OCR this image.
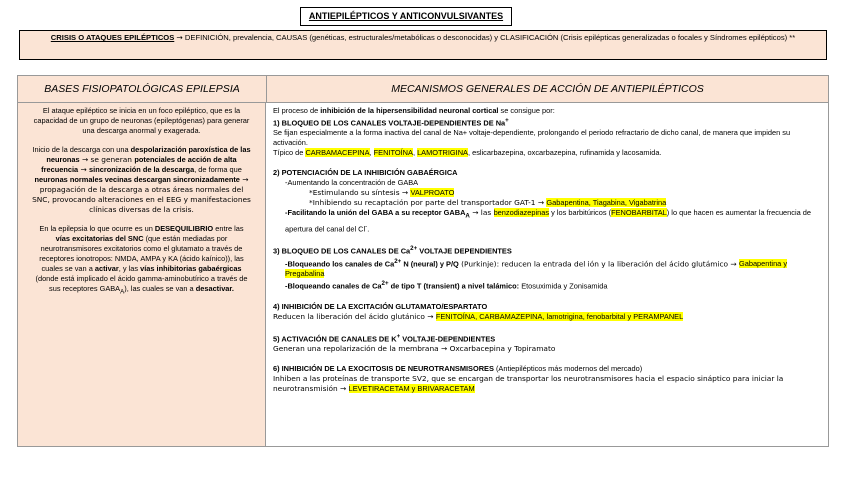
ANTIEPILÉPTICOS Y ANTICONVULSIVANTES
CRISIS O ATAQUES EPILÉPTICOS → DEFINICIÓN, prevalencia, CAUSAS (genéticas, estructurales/metabólicas o desconocidas) y CLASIFICACIÓN (Crisis epilépticas generalizadas o focales y Síndromes epilépticos) **
BASES FISIOPATOLÓGICAS EPILEPSIA	MECANISMOS GENERALES DE ACCIÓN DE ANTIEPILÉPTICOS

El ataque epiléptico se inicia en un foco epiléptico, que es la capacidad de un grupo de neuronas (epileptógenas) para generar una descarga anormal y exagerada.

Inicio de la descarga con una despolarización paroxística de las neuronas → se generan potenciales de acción de alta frecuencia → sincronización de la descarga, de forma que neuronas normales vecinas descargan sincronizadamente → propagación de la descarga a otras áreas normales del SNC, provocando alteraciones en el EEG y manifestaciones clínicas diversas de la crisis.

En la epilepsia lo que ocurre es un DESEQUILIBRIO entre las vías excitatorias del SNC (que están mediadas por neurotransmisores excitatorios como el glutamato a través de receptores ionotropos: NMDA, AMPA y KA (ácido kaínico)), las cuales se van a activar, y las vías inhibitorias gabaérgicas (donde está implicado el ácido gamma-aminobutírico a través de sus receptores $GABA_A$), las cuales se van a desactivar.

El proceso de inhibición de la hipersensibilidad neuronal cortical se consigue por:

1) BLOQUEO DE LOS CANALES VOLTAJE-DEPENDIENTES DE Na+

Se fijan especialmente a la forma inactiva del canal de Na+ voltaje-dependiente, prolongando el periodo refractario de dicho canal, de manera que impiden su activación.

Típico de CARBAMACEPINA, FENITOÍNA, LAMOTRIGINA, eslicarbazepina, oxcarbazepina, rufinamida y lacosamida.

2) POTENCIACIÓN DE LA INHIBICIÓN GABAÉRGICA

-Aumentando la concentración de GABA

*Estimulando su síntesis → VALPROATO

*Inhibiendo su recaptación por parte del transportador GAT-1 → Gabapentina, Tiagabina, Vigabatrina

-Facilitando la unión del GABA a su receptor $GABA_A$ → las benzodiazepinas y los barbitúricos (FENOBARBITAL) lo que hacen es aumentar la frecuencia de apertura del canal del Cl-.

3) BLOQUEO DE LOS CANALES DE $Ca^{2+}$ VOLTAJE DEPENDIENTES

-Bloqueando los canales de $Ca^{2+}$ N (neural) y P/Q (Purkinje): reducen la entrada del ión y la liberación del ácido glutámico → Gabapentina y Pregabalina

-Bloqueando canales de $Ca^{2+}$ de tipo T (transient) a nivel talámico: Etosuximida y Zonisamida

4) INHIBICIÓN DE LA EXCITACIÓN GLUTAMATO/ESPARTATO

Reducen la liberación del ácido glutánico → FENITOÍNA, CARBAMAZEPINA, lamotrigina, fenobarbital y PERAMPANEL

5) ACTIVACIÓN DE CANALES DE K+ VOLTAJE-DEPENDIENTES

Generan una repolarización de la membrana → Oxcarbacepina y Topiramato

6) INHIBICIÓN DE LA EXOCITOSIS DE NEUROTRANSMISORES (Antiepilépticos más modernos del mercado)

Inhiben a las proteínas de transporte SV2, que se encargan de transportar los neurotransmisores hacia el espacio sináptico para iniciar la neurotransmisión → LEVETIRACETAM y BRIVARACETAM
